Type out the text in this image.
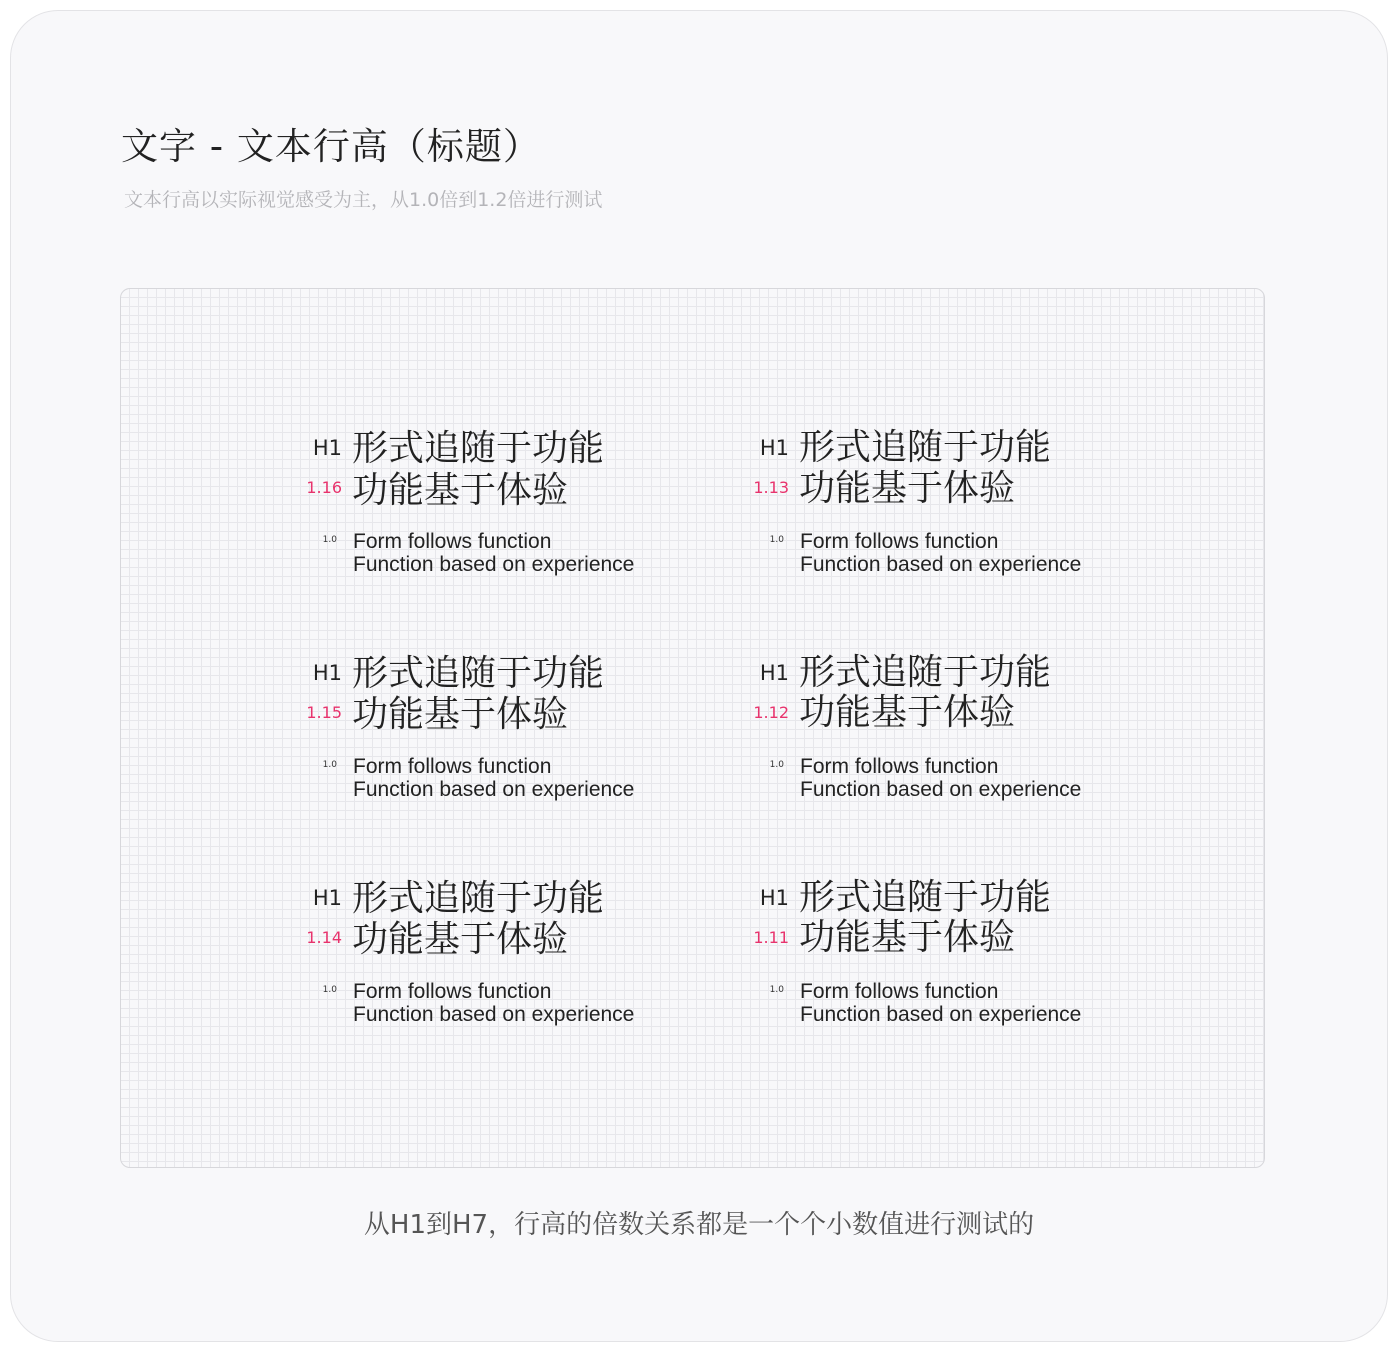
文字 - 文本行高（标题）

文本行高以实际视觉感受为主，从1.0倍到1.2倍进行测试

H1
1.16
形式追随于功能
功能基于体验
1.0 Form follows function
Function based on experience
H1
1.13
形式追随于功能
功能基于体验
1.0 Form follows function
Function based on experience
H1
1.15
形式追随于功能
功能基于体验
1.0 Form follows function
Function based on experience
H1
1.12
形式追随于功能
功能基于体验
1.0 Form follows function
Function based on experience
H1
1.14
形式追随于功能
功能基于体验
1.0 Form follows function
Function based on experience
H1
1.11
形式追随于功能
功能基于体验
1.0 Form follows function
Function based on experience

从H1到H7，行高的倍数关系都是一个个小数值进行测试的
